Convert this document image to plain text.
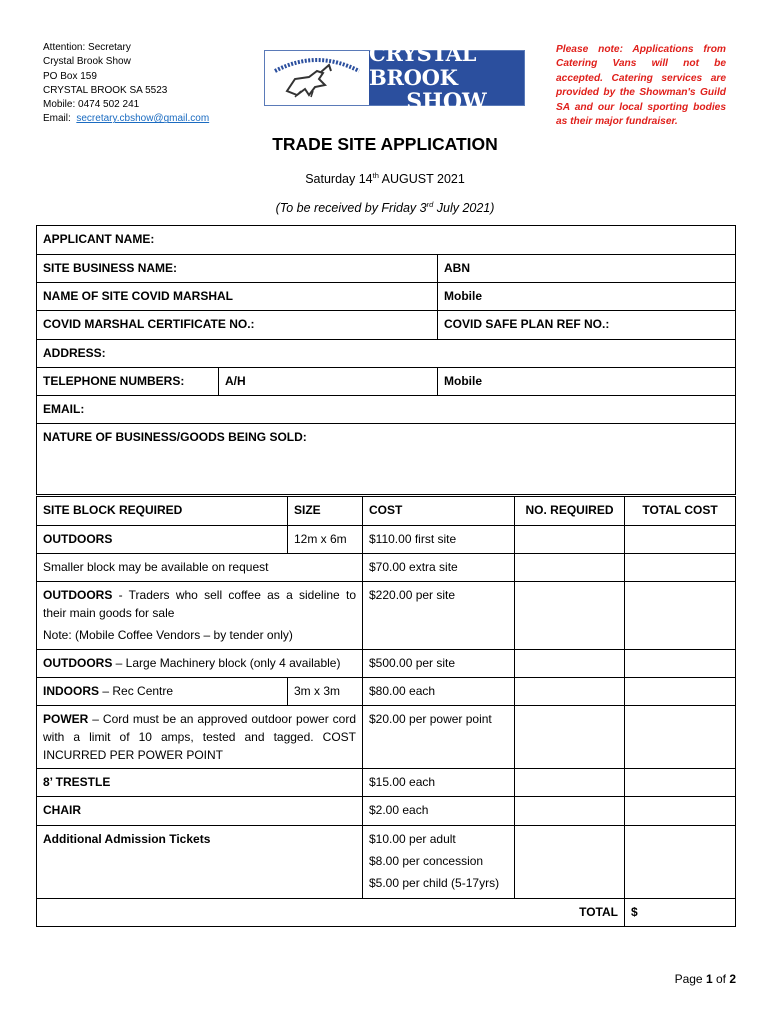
Attention: Secretary
Crystal Brook Show
PO Box 159
CRYSTAL BROOK SA 5523
Mobile: 0474 502 241
Email: secretary.cbshow@gmail.com
CRYSTAL BROOK
SHOW
Please note: Applications from Catering Vans will not be accepted. Catering services are provided by the Showman's Guild SA and our local sporting bodies as their major fundraiser.
TRADE SITE APPLICATION
Saturday 14th AUGUST 2021
(To be received by Friday 3rd July 2021)
APPLICANT NAME:		
SITE BUSINESS NAME:		ABN
NAME OF SITE COVID MARSHAL		Mobile
COVID MARSHAL CERTIFICATE NO.:		COVID SAFE PLAN REF NO.:
ADDRESS:		
TELEPHONE NUMBERS:	A/H	Mobile
EMAIL:		
NATURE OF BUSINESS/GOODS BEING SOLD:		
SITE BLOCK REQUIRED	SIZE	COST	NO. REQUIRED	TOTAL COST
OUTDOORS	12m x 6m	$110.00 first site		
Smaller block may be available on request		$70.00 extra site		

OUTDOORS - Traders who sell coffee as a sideline to their main goods for sale
Note: (Mobile Coffee Vendors – by tender only)		$220.00 per site		
OUTDOORS – Large Machinery block (only 4 available)		$500.00 per site		
INDOORS – Rec Centre	3m x 3m	$80.00 each		
POWER – Cord must be an approved outdoor power cord with a limit of 10 amps, tested and tagged. COST INCURRED PER POWER POINT		$20.00 per power point		
8’ TRESTLE		$15.00 each		
CHAIR		$2.00 each		
Additional Admission Tickets		$10.00 per adult
$8.00 per concession
$5.00 per child (5-17yrs)		

TOTAL				$
Page 1 of 2
